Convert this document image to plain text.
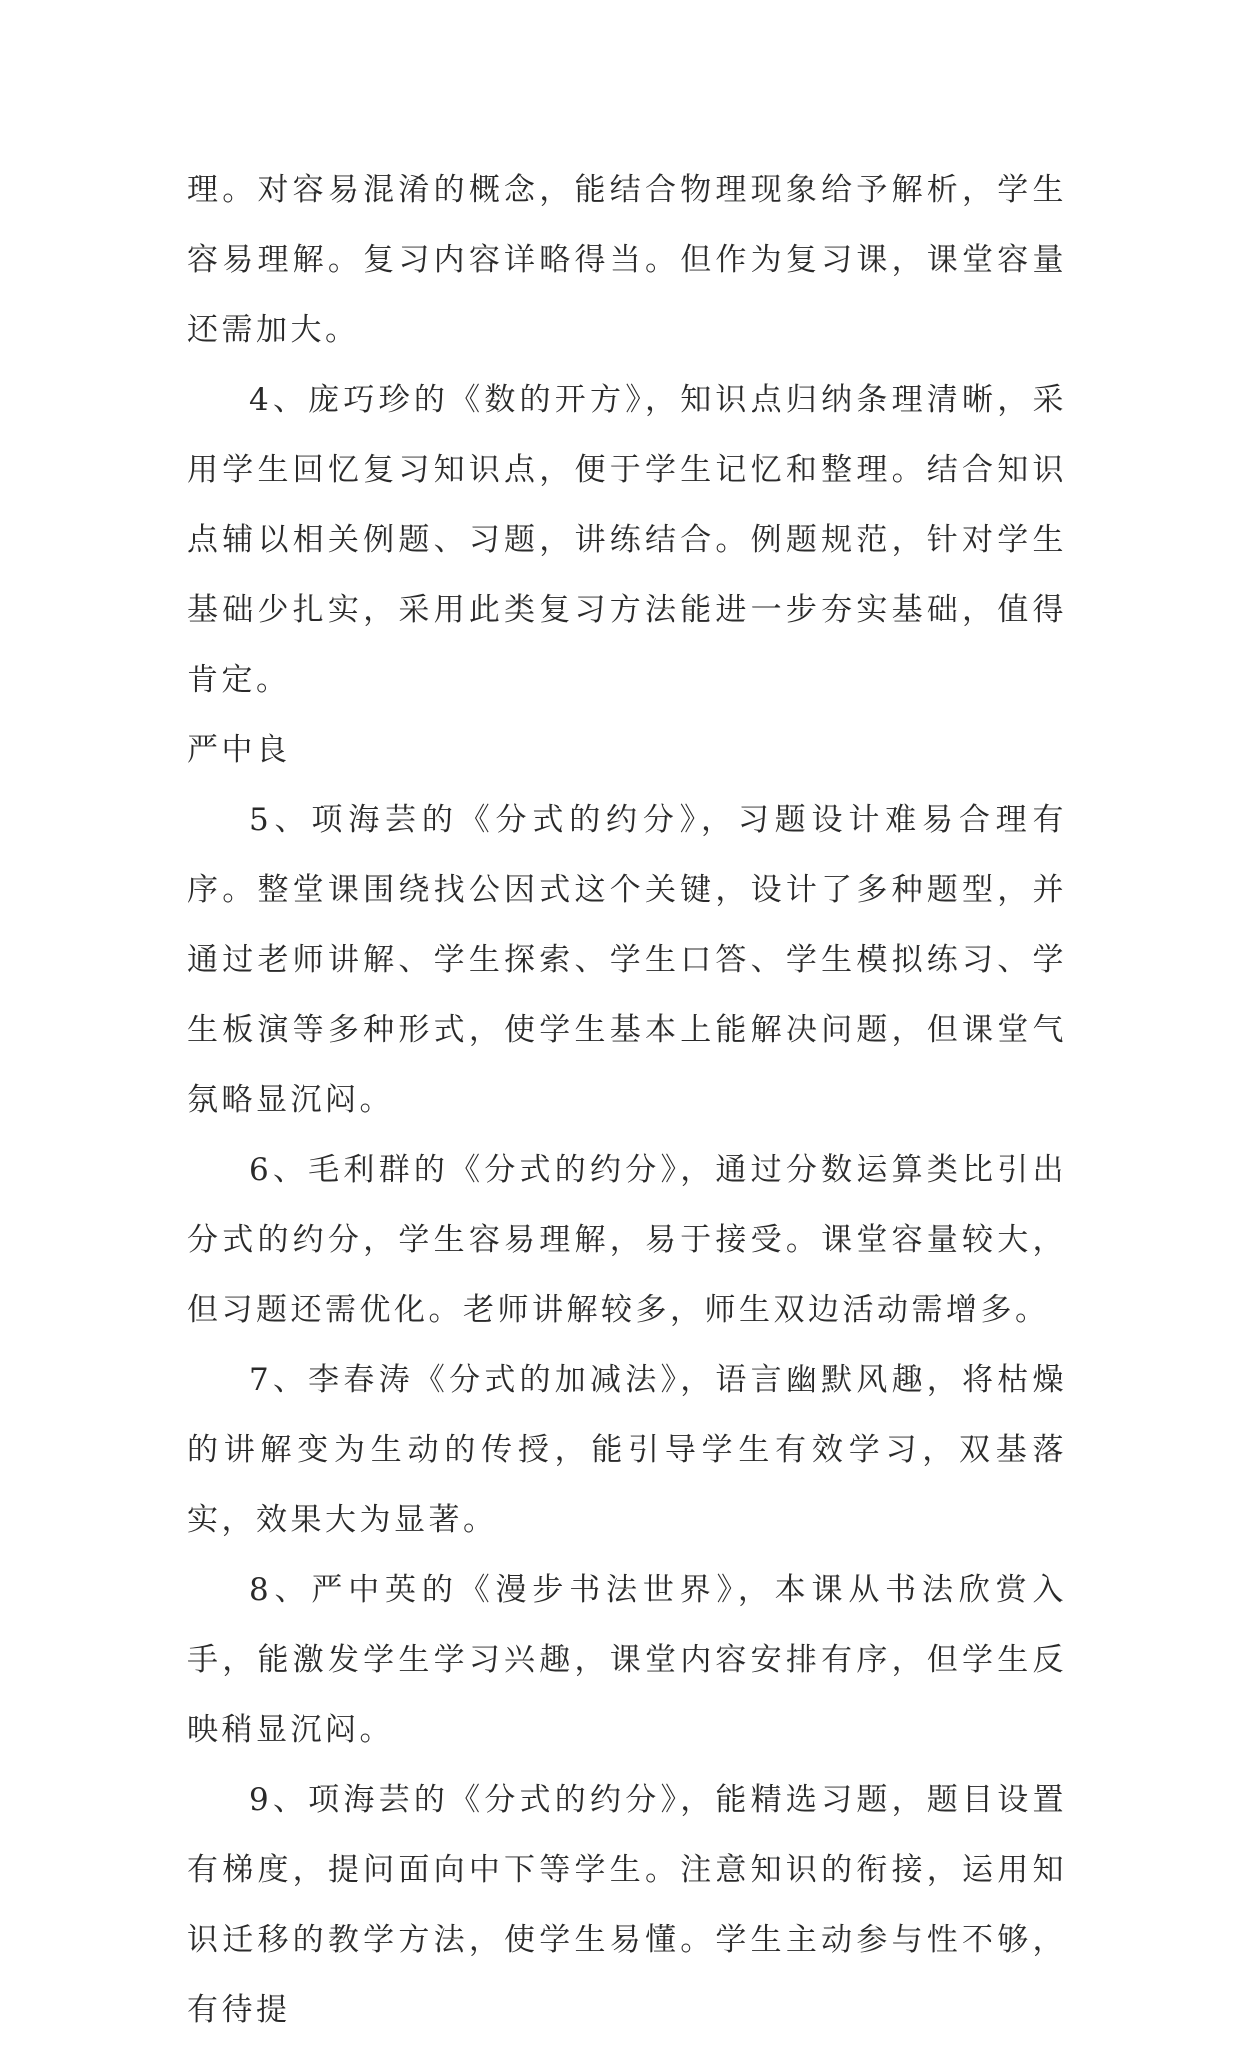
理。对容易混淆的概念，能结合物理现象给予解析，学生容易理解。复习内容详略得当。但作为复习课，课堂容量还需加大。

4、庞巧珍的《数的开方》，知识点归纳条理清晰，采用学生回忆复习知识点，便于学生记忆和整理。结合知识点辅以相关例题、习题，讲练结合。例题规范，针对学生基础少扎实，采用此类复习方法能进一步夯实基础，值得肯定。

严中良

5、项海芸的《分式的约分》，习题设计难易合理有序。整堂课围绕找公因式这个关键，设计了多种题型，并通过老师讲解、学生探索、学生口答、学生模拟练习、学生板演等多种形式，使学生基本上能解决问题，但课堂气氛略显沉闷。

6、毛利群的《分式的约分》，通过分数运算类比引出分式的约分，学生容易理解，易于接受。课堂容量较大，但习题还需优化。老师讲解较多，师生双边活动需增多。

7、李春涛《分式的加减法》，语言幽默风趣，将枯燥的讲解变为生动的传授，能引导学生有效学习，双基落实，效果大为显著。

8、严中英的《漫步书法世界》，本课从书法欣赏入手，能激发学生学习兴趣，课堂内容安排有序，但学生反映稍显沉闷。

9、项海芸的《分式的约分》，能精选习题，题目设置有梯度，提问面向中下等学生。注意知识的衔接，运用知识迁移的教学方法，使学生易懂。学生主动参与性不够，有待提
